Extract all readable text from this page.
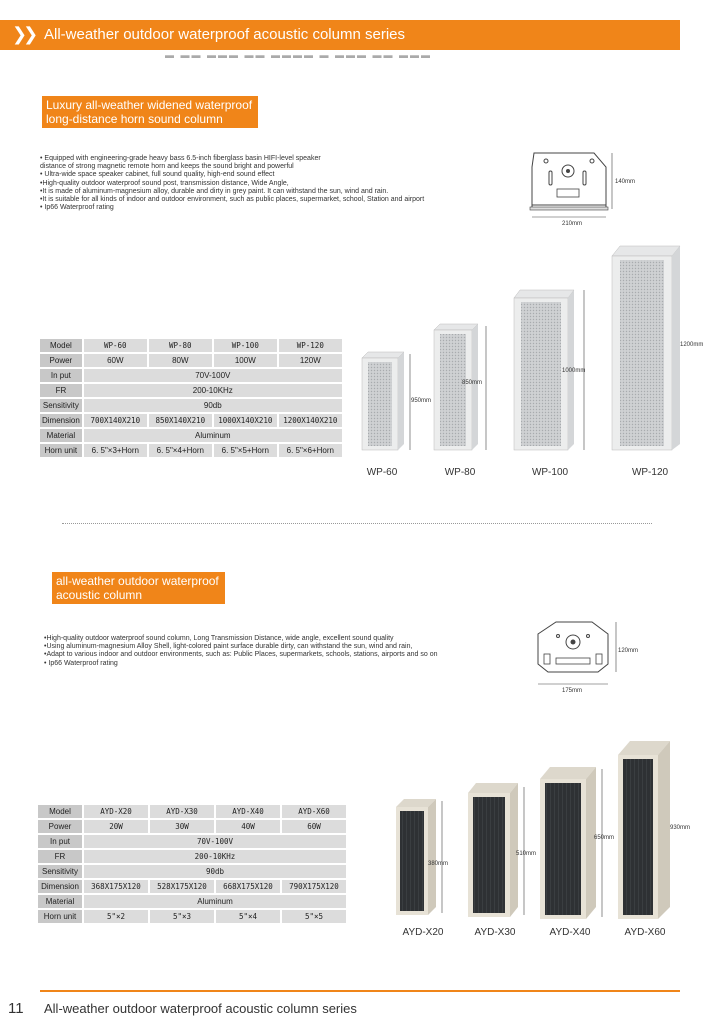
❯❯ All-weather outdoor waterproof acoustic column series
▬ ▬▬ ▬▬▬ ▬▬ ▬▬▬▬ ▬ ▬▬▬ ▬▬ ▬▬▬
Luxury all-weather widened waterproof
long-distance horn sound column
• Equipped with engineering-grade heavy bass 6.5-inch fiberglass basin HIFI-level speaker
distance of strong magnetic remote horn and keeps the sound bright and powerful
• Ultra-wide space speaker cabinet, full sound quality, high-end sound effect
•High-quality outdoor waterproof sound post, transmission distance, Wide Angle,
•It is made of aluminum-magnesium alloy, durable and dirty in grey paint. It can withstand the sun, wind and rain.
•It is suitable for all kinds of indoor and outdoor environment, such as public places, supermarket, school, Station and airport
• Ip66 Waterproof rating
140mm
210mm
Model	WP-60	WP-80	WP-100	WP-120
Power	60W	80W	100W	120W
In put	70V-100V			
FR	200-10KHz			
Sensitivity	90db			
Dimension	700X140X210	850X140X210	1000X140X210	1200X140X210
Material	Aluminum			
Horn unit	6. 5"×3+Horn	6. 5"×4+Horn	6. 5"×5+Horn	6. 5"×6+Horn
950mm
850mm
1000mm
1200mm
WP-60	WP-80	WP-100	WP-120
all-weather outdoor waterproof
acoustic column
•High-quality outdoor waterproof sound column, Long Transmission Distance, wide angle, excellent sound quality
•Using aluminum-magnesium Alloy Shell, light-colored paint surface durable dirty, can withstand the sun, wind and rain,
•Adapt to various indoor and outdoor environments, such as: Public Places, supermarkets, schools, stations, airports and so on
• Ip66 Waterproof rating
120mm
175mm
Model	AYD-X20	AYD-X30	AYD-X40	AYD-X60
Power	20W	30W	40W	60W
In put	70V-100V			
FR	200-10KHz			
Sensitivity	90db			
Dimension	368X175X120	528X175X120	668X175X120	790X175X120
Material	Aluminum			
Horn unit	5"×2	5"×3	5"×4	5"×5
380mm
510mm
650mm
930mm
AYD-X20	AYD-X30	AYD-X40	AYD-X60
11 All-weather outdoor waterproof acoustic column series
